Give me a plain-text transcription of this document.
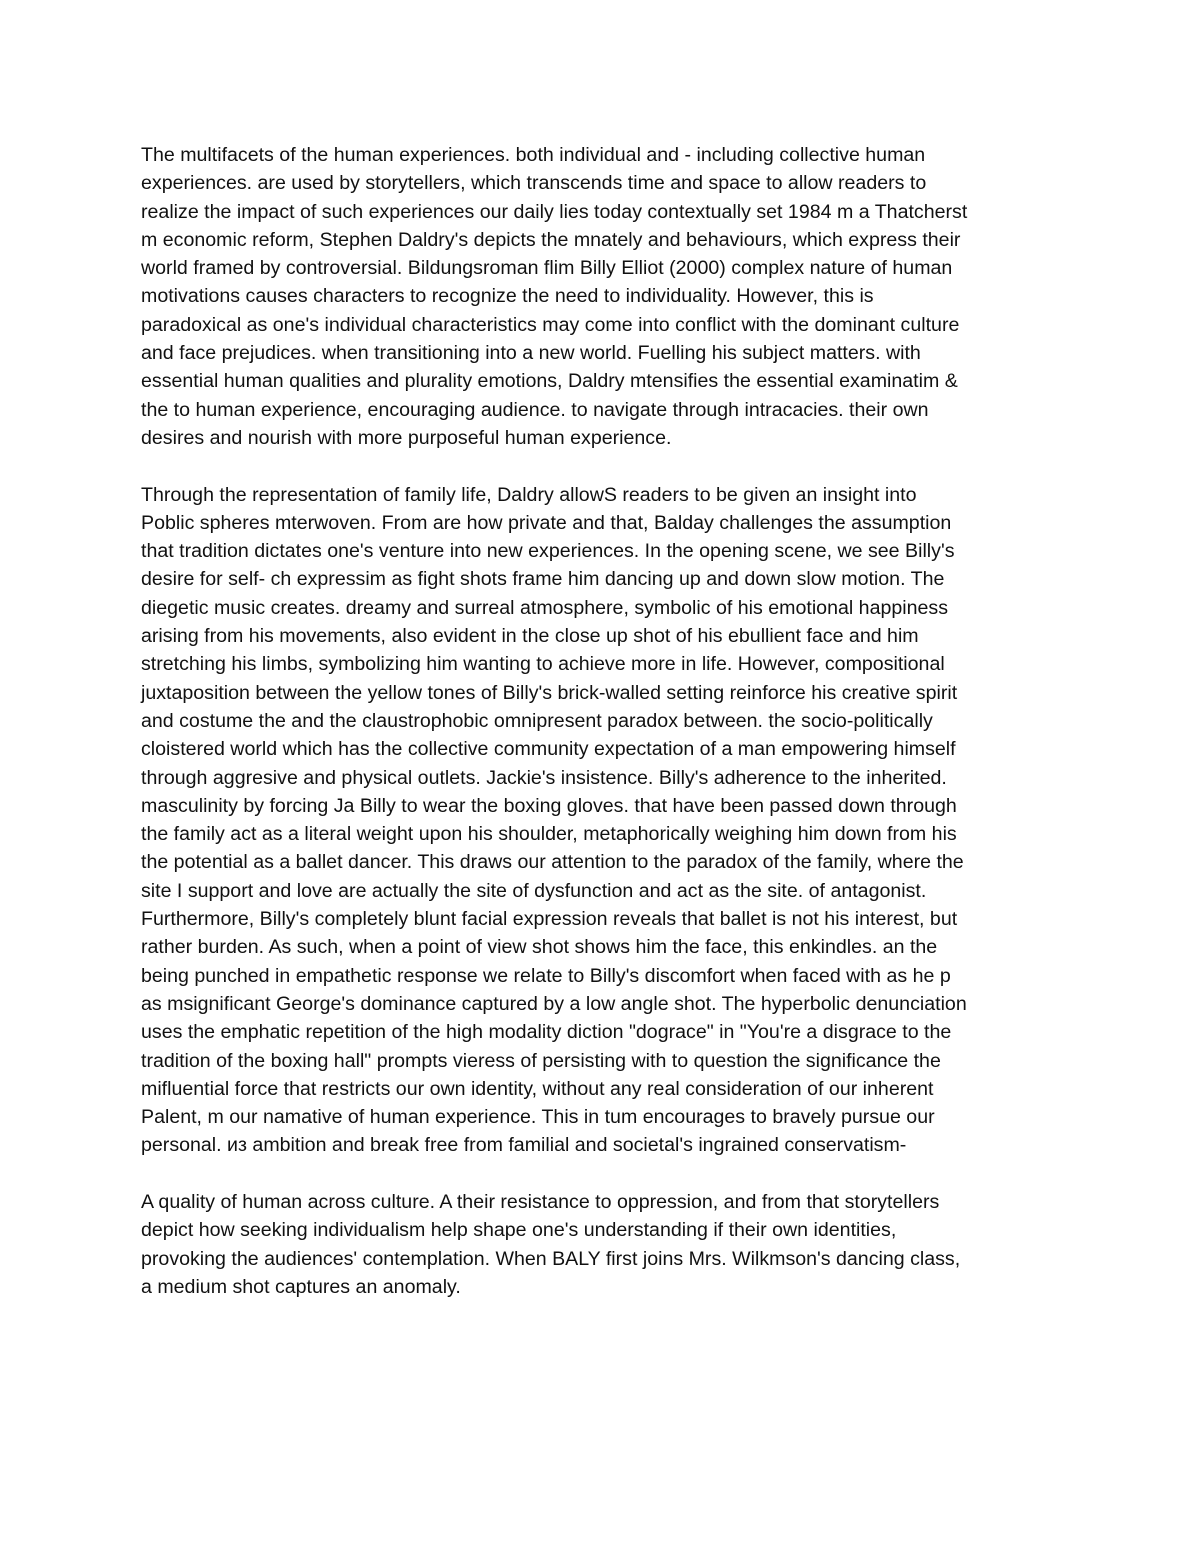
The multifacets of the human experiences. both individual and - including collective human
experiences. are used by storytellers, which transcends time and space to allow readers to
realize the impact of such experiences our daily lies today contextually set 1984 m a Thatcherst
m economic reform, Stephen Daldry's depicts the mnately and behaviours, which express their
world framed by controversial. Bildungsroman flim Billy Elliot (2000) complex nature of human
motivations causes characters to recognize the need to individuality. However, this is
paradoxical as one's individual characteristics may come into conflict with the dominant culture
and face prejudices. when transitioning into a new world. Fuelling his subject matters. with
essential human qualities and plurality emotions, Daldry mtensifies the essential examinatim &
the to human experience, encouraging audience. to navigate through intracacies. their own
desires and nourish with more purposeful human experience.
Through the representation of family life, Daldry allowS readers to be given an insight into
Poblic spheres mterwoven. From are how private and that, Balday challenges the assumption
that tradition dictates one's venture into new experiences. In the opening scene, we see Billy's
desire for self- ch expressim as fight shots frame him dancing up and down slow motion. The
diegetic music creates. dreamy and surreal atmosphere, symbolic of his emotional happiness
arising from his movements, also evident in the close up shot of his ebullient face and him
stretching his limbs, symbolizing him wanting to achieve more in life. However, compositional
juxtaposition between the yellow tones of Billy's brick-walled setting reinforce his creative spirit
and costume the and the claustrophobic omnipresent paradox between. the socio-politically
cloistered world which has the collective community expectation of a man empowering himself
through aggresive and physical outlets. Jackie's insistence. Billy's adherence to the inherited.
masculinity by forcing Ja Billy to wear the boxing gloves. that have been passed down through
the family act as a literal weight upon his shoulder, metaphorically weighing him down from his
the potential as a ballet dancer. This draws our attention to the paradox of the family, where the
site I support and love are actually the site of dysfunction and act as the site. of antagonist.
Furthermore, Billy's completely blunt facial expression reveals that ballet is not his interest, but
rather burden. As such, when a point of view shot shows him the face, this enkindles. an the
being punched in empathetic response we relate to Billy's discomfort when faced with as he p
as msignificant George's dominance captured by a low angle shot. The hyperbolic denunciation
uses the emphatic repetition of the high modality diction "dograce" in "You're a disgrace to the
tradition of the boxing hall" prompts vieress of persisting with to question the significance the
mifluential force that restricts our own identity, without any real consideration of our inherent
Palent, m our namative of human experience. This in tum encourages to bravely pursue our
personal. из ambition and break free from familial and societal's ingrained conservatism-
A quality of human across culture. A their resistance to oppression, and from that storytellers
depict how seeking individualism help shape one's understanding if their own identities,
provoking the audiences' contemplation. When BALY first joins Mrs. Wilkmson's dancing class,
a medium shot captures an anomaly.
